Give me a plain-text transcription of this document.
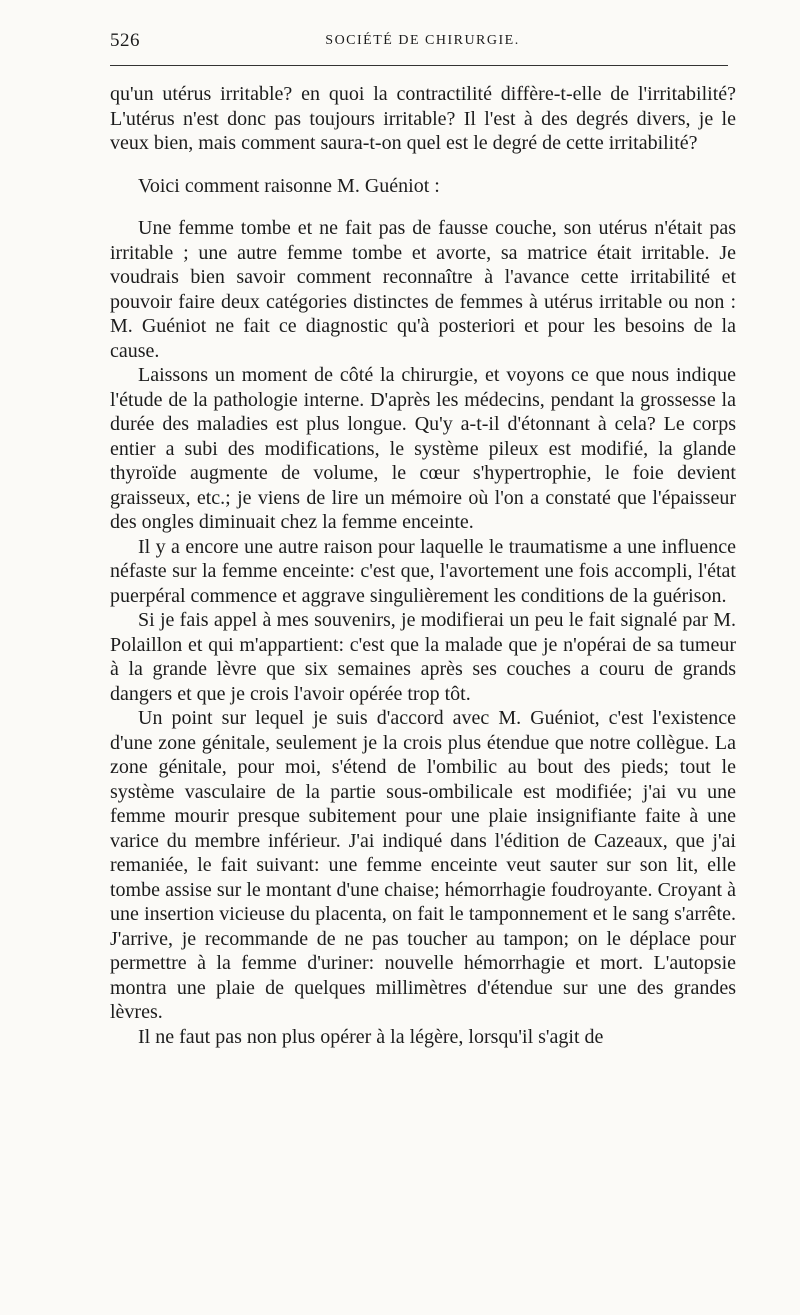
526	SOCIÉTÉ DE CHIRURGIE.

qu'un utérus irritable? en quoi la contractilité diffère-t-elle de l'irritabilité? L'utérus n'est donc pas toujours irritable? Il l'est à des degrés divers, je le veux bien, mais comment saura-t-on quel est le degré de cette irritabilité?

Voici comment raisonne M. Guéniot :

Une femme tombe et ne fait pas de fausse couche, son utérus n'était pas irritable ; une autre femme tombe et avorte, sa matrice était irritable. Je voudrais bien savoir comment reconnaître à l'avance cette irritabilité et pouvoir faire deux catégories distinctes de femmes à utérus irritable ou non : M. Guéniot ne fait ce diagnostic qu'à posteriori et pour les besoins de la cause.

Laissons un moment de côté la chirurgie, et voyons ce que nous indique l'étude de la pathologie interne. D'après les médecins, pendant la grossesse la durée des maladies est plus longue. Qu'y a-t-il d'étonnant à cela? Le corps entier a subi des modifications, le système pileux est modifié, la glande thyroïde augmente de volume, le cœur s'hypertrophie, le foie devient graisseux, etc.; je viens de lire un mémoire où l'on a constaté que l'épaisseur des ongles diminuait chez la femme enceinte.

Il y a encore une autre raison pour laquelle le traumatisme a une influence néfaste sur la femme enceinte: c'est que, l'avortement une fois accompli, l'état puerpéral commence et aggrave singulièrement les conditions de la guérison.

Si je fais appel à mes souvenirs, je modifierai un peu le fait signalé par M. Polaillon et qui m'appartient: c'est que la malade que je n'opérai de sa tumeur à la grande lèvre que six semaines après ses couches a couru de grands dangers et que je crois l'avoir opérée trop tôt.

Un point sur lequel je suis d'accord avec M. Guéniot, c'est l'existence d'une zone génitale, seulement je la crois plus étendue que notre collègue. La zone génitale, pour moi, s'étend de l'ombilic au bout des pieds; tout le système vasculaire de la partie sous-ombilicale est modifiée; j'ai vu une femme mourir presque subitement pour une plaie insignifiante faite à une varice du membre inférieur. J'ai indiqué dans l'édition de Cazeaux, que j'ai remaniée, le fait suivant: une femme enceinte veut sauter sur son lit, elle tombe assise sur le montant d'une chaise; hémorrhagie foudroyante. Croyant à une insertion vicieuse du placenta, on fait le tamponnement et le sang s'arrête. J'arrive, je recommande de ne pas toucher au tampon; on le déplace pour permettre à la femme d'uriner: nouvelle hémorrhagie et mort. L'autopsie montra une plaie de quelques millimètres d'étendue sur une des grandes lèvres.

Il ne faut pas non plus opérer à la légère, lorsqu'il s'agit de
